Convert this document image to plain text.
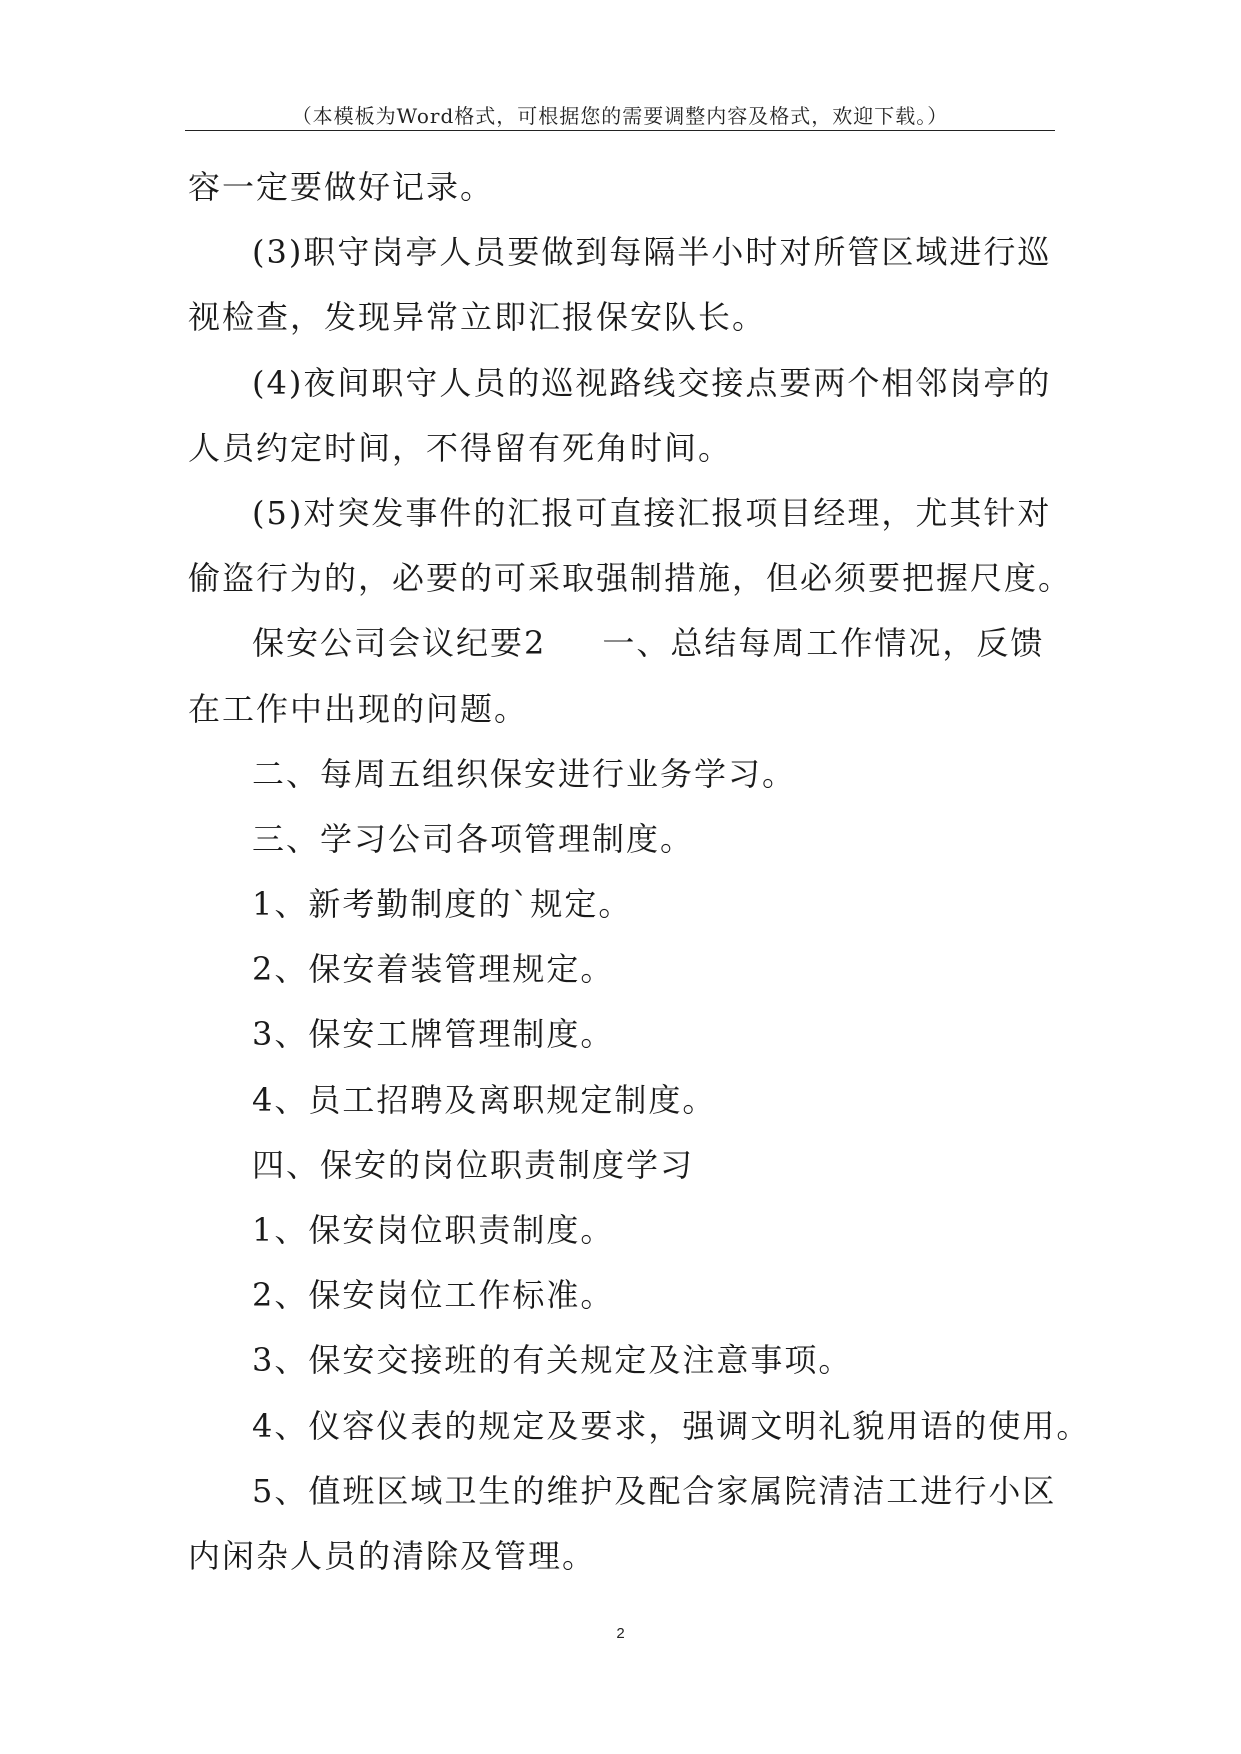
（本模板为Word格式，可根据您的需要调整内容及格式，欢迎下载。）
容一定要做好记录。
(3)职守岗亭人员要做到每隔半小时对所管区域进行巡
视检查，发现异常立即汇报保安队长。
(4)夜间职守人员的巡视路线交接点要两个相邻岗亭的
人员约定时间，不得留有死角时间。
(5)对突发事件的汇报可直接汇报项目经理，尤其针对
偷盗行为的，必要的可采取强制措施，但必须要把握尺度。
保安公司会议纪要2 一、总结每周工作情况，反馈
在工作中出现的问题。
二、每周五组织保安进行业务学习。
三、学习公司各项管理制度。
1、新考勤制度的`规定。
2、保安着装管理规定。
3、保安工牌管理制度。
4、员工招聘及离职规定制度。
四、保安的岗位职责制度学习
1、保安岗位职责制度。
2、保安岗位工作标准。
3、保安交接班的有关规定及注意事项。
4、仪容仪表的规定及要求，强调文明礼貌用语的使用。
5、值班区域卫生的维护及配合家属院清洁工进行小区
内闲杂人员的清除及管理。
2
